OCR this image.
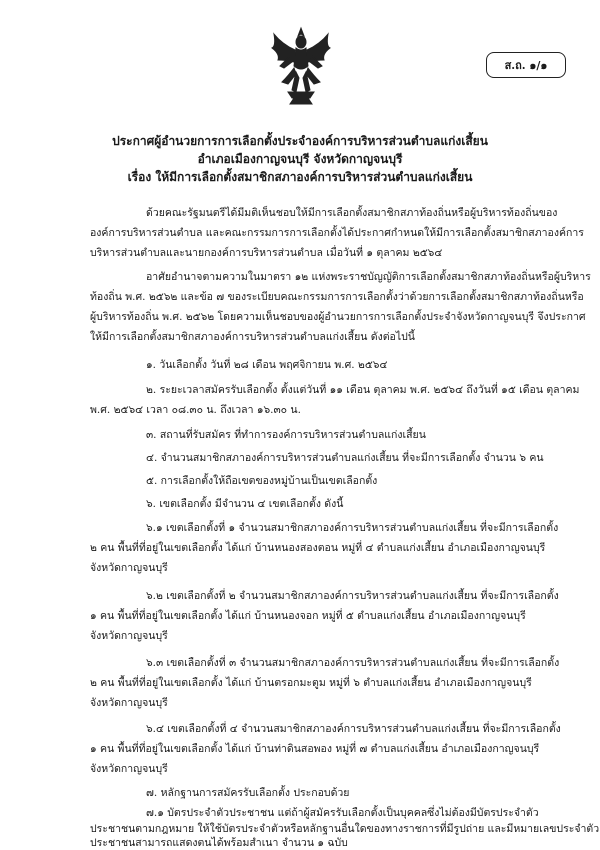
ส.ถ. ๑/๑
ประกาศผู้อำนวยการการเลือกตั้งประจำองค์การบริหารส่วนตำบลแก่งเสี้ยน
อำเภอเมืองกาญจนบุรี จังหวัดกาญจนบุรี
เรื่อง ให้มีการเลือกตั้งสมาชิกสภาองค์การบริหารส่วนตำบลแก่งเสี้ยน
ด้วยคณะรัฐมนตรีได้มีมติเห็นชอบให้มีการเลือกตั้งสมาชิกสภาท้องถิ่นหรือผู้บริหารท้องถิ่นของ
องค์การบริหารส่วนตำบล และคณะกรรมการการเลือกตั้งได้ประกาศกำหนดให้มีการเลือกตั้งสมาชิกสภาองค์การ
บริหารส่วนตำบลและนายกองค์การบริหารส่วนตำบล เมื่อวันที่ ๑ ตุลาคม ๒๕๖๔
อาศัยอำนาจตามความในมาตรา ๑๒ แห่งพระราชบัญญัติการเลือกตั้งสมาชิกสภาท้องถิ่นหรือผู้บริหาร
ท้องถิ่น พ.ศ. ๒๕๖๒ และข้อ ๗ ของระเบียบคณะกรรมการการเลือกตั้งว่าด้วยการเลือกตั้งสมาชิกสภาท้องถิ่นหรือ
ผู้บริหารท้องถิ่น พ.ศ. ๒๕๖๒ โดยความเห็นชอบของผู้อำนวยการการเลือกตั้งประจำจังหวัดกาญจนบุรี จึงประกาศ
ให้มีการเลือกตั้งสมาชิกสภาองค์การบริหารส่วนตำบลแก่งเสี้ยน ดังต่อไปนี้
๑. วันเลือกตั้ง วันที่ ๒๘ เดือน พฤศจิกายน พ.ศ. ๒๕๖๔
๒. ระยะเวลาสมัครรับเลือกตั้ง ตั้งแต่วันที่ ๑๑ เดือน ตุลาคม พ.ศ. ๒๕๖๔ ถึงวันที่ ๑๕ เดือน ตุลาคม
พ.ศ. ๒๕๖๔ เวลา ๐๘.๓๐ น. ถึงเวลา ๑๖.๓๐ น.
๓. สถานที่รับสมัคร ที่ทำการองค์การบริหารส่วนตำบลแก่งเสี้ยน
๔. จำนวนสมาชิกสภาองค์การบริหารส่วนตำบลแก่งเสี้ยน ที่จะมีการเลือกตั้ง จำนวน ๖ คน
๕. การเลือกตั้งให้ถือเขตของหมู่บ้านเป็นเขตเลือกตั้ง
๖. เขตเลือกตั้ง มีจำนวน ๔ เขตเลือกตั้ง ดังนี้
๖.๑ เขตเลือกตั้งที่ ๑ จำนวนสมาชิกสภาองค์การบริหารส่วนตำบลแก่งเสี้ยน ที่จะมีการเลือกตั้ง
๒ คน พื้นที่ที่อยู่ในเขตเลือกตั้ง ได้แก่ บ้านหนองสองตอน หมู่ที่ ๔ ตำบลแก่งเสี้ยน อำเภอเมืองกาญจนบุรี
จังหวัดกาญจนบุรี
๖.๒ เขตเลือกตั้งที่ ๒ จำนวนสมาชิกสภาองค์การบริหารส่วนตำบลแก่งเสี้ยน ที่จะมีการเลือกตั้ง
๑ คน พื้นที่ที่อยู่ในเขตเลือกตั้ง ได้แก่ บ้านหนองจอก หมู่ที่ ๕ ตำบลแก่งเสี้ยน อำเภอเมืองกาญจนบุรี
จังหวัดกาญจนบุรี
๖.๓ เขตเลือกตั้งที่ ๓ จำนวนสมาชิกสภาองค์การบริหารส่วนตำบลแก่งเสี้ยน ที่จะมีการเลือกตั้ง
๒ คน พื้นที่ที่อยู่ในเขตเลือกตั้ง ได้แก่ บ้านตรอกมะตูม หมู่ที่ ๖ ตำบลแก่งเสี้ยน อำเภอเมืองกาญจนบุรี
จังหวัดกาญจนบุรี
๖.๔ เขตเลือกตั้งที่ ๔ จำนวนสมาชิกสภาองค์การบริหารส่วนตำบลแก่งเสี้ยน ที่จะมีการเลือกตั้ง
๑ คน พื้นที่ที่อยู่ในเขตเลือกตั้ง ได้แก่ บ้านท่าดินสอพอง หมู่ที่ ๗ ตำบลแก่งเสี้ยน อำเภอเมืองกาญจนบุรี
จังหวัดกาญจนบุรี
๗. หลักฐานการสมัครรับเลือกตั้ง ประกอบด้วย
๗.๑ บัตรประจำตัวประชาชน แต่ถ้าผู้สมัครรับเลือกตั้งเป็นบุคคลซึ่งไม่ต้องมีบัตรประจำตัว
ประชาชนตามกฎหมาย ให้ใช้บัตรประจำตัวหรือหลักฐานอื่นใดของทางราชการที่มีรูปถ่าย และมีหมายเลขประจำตัว
ประชาชนสามารถแสดงตนได้พร้อมสำเนา จำนวน ๑ ฉบับ
